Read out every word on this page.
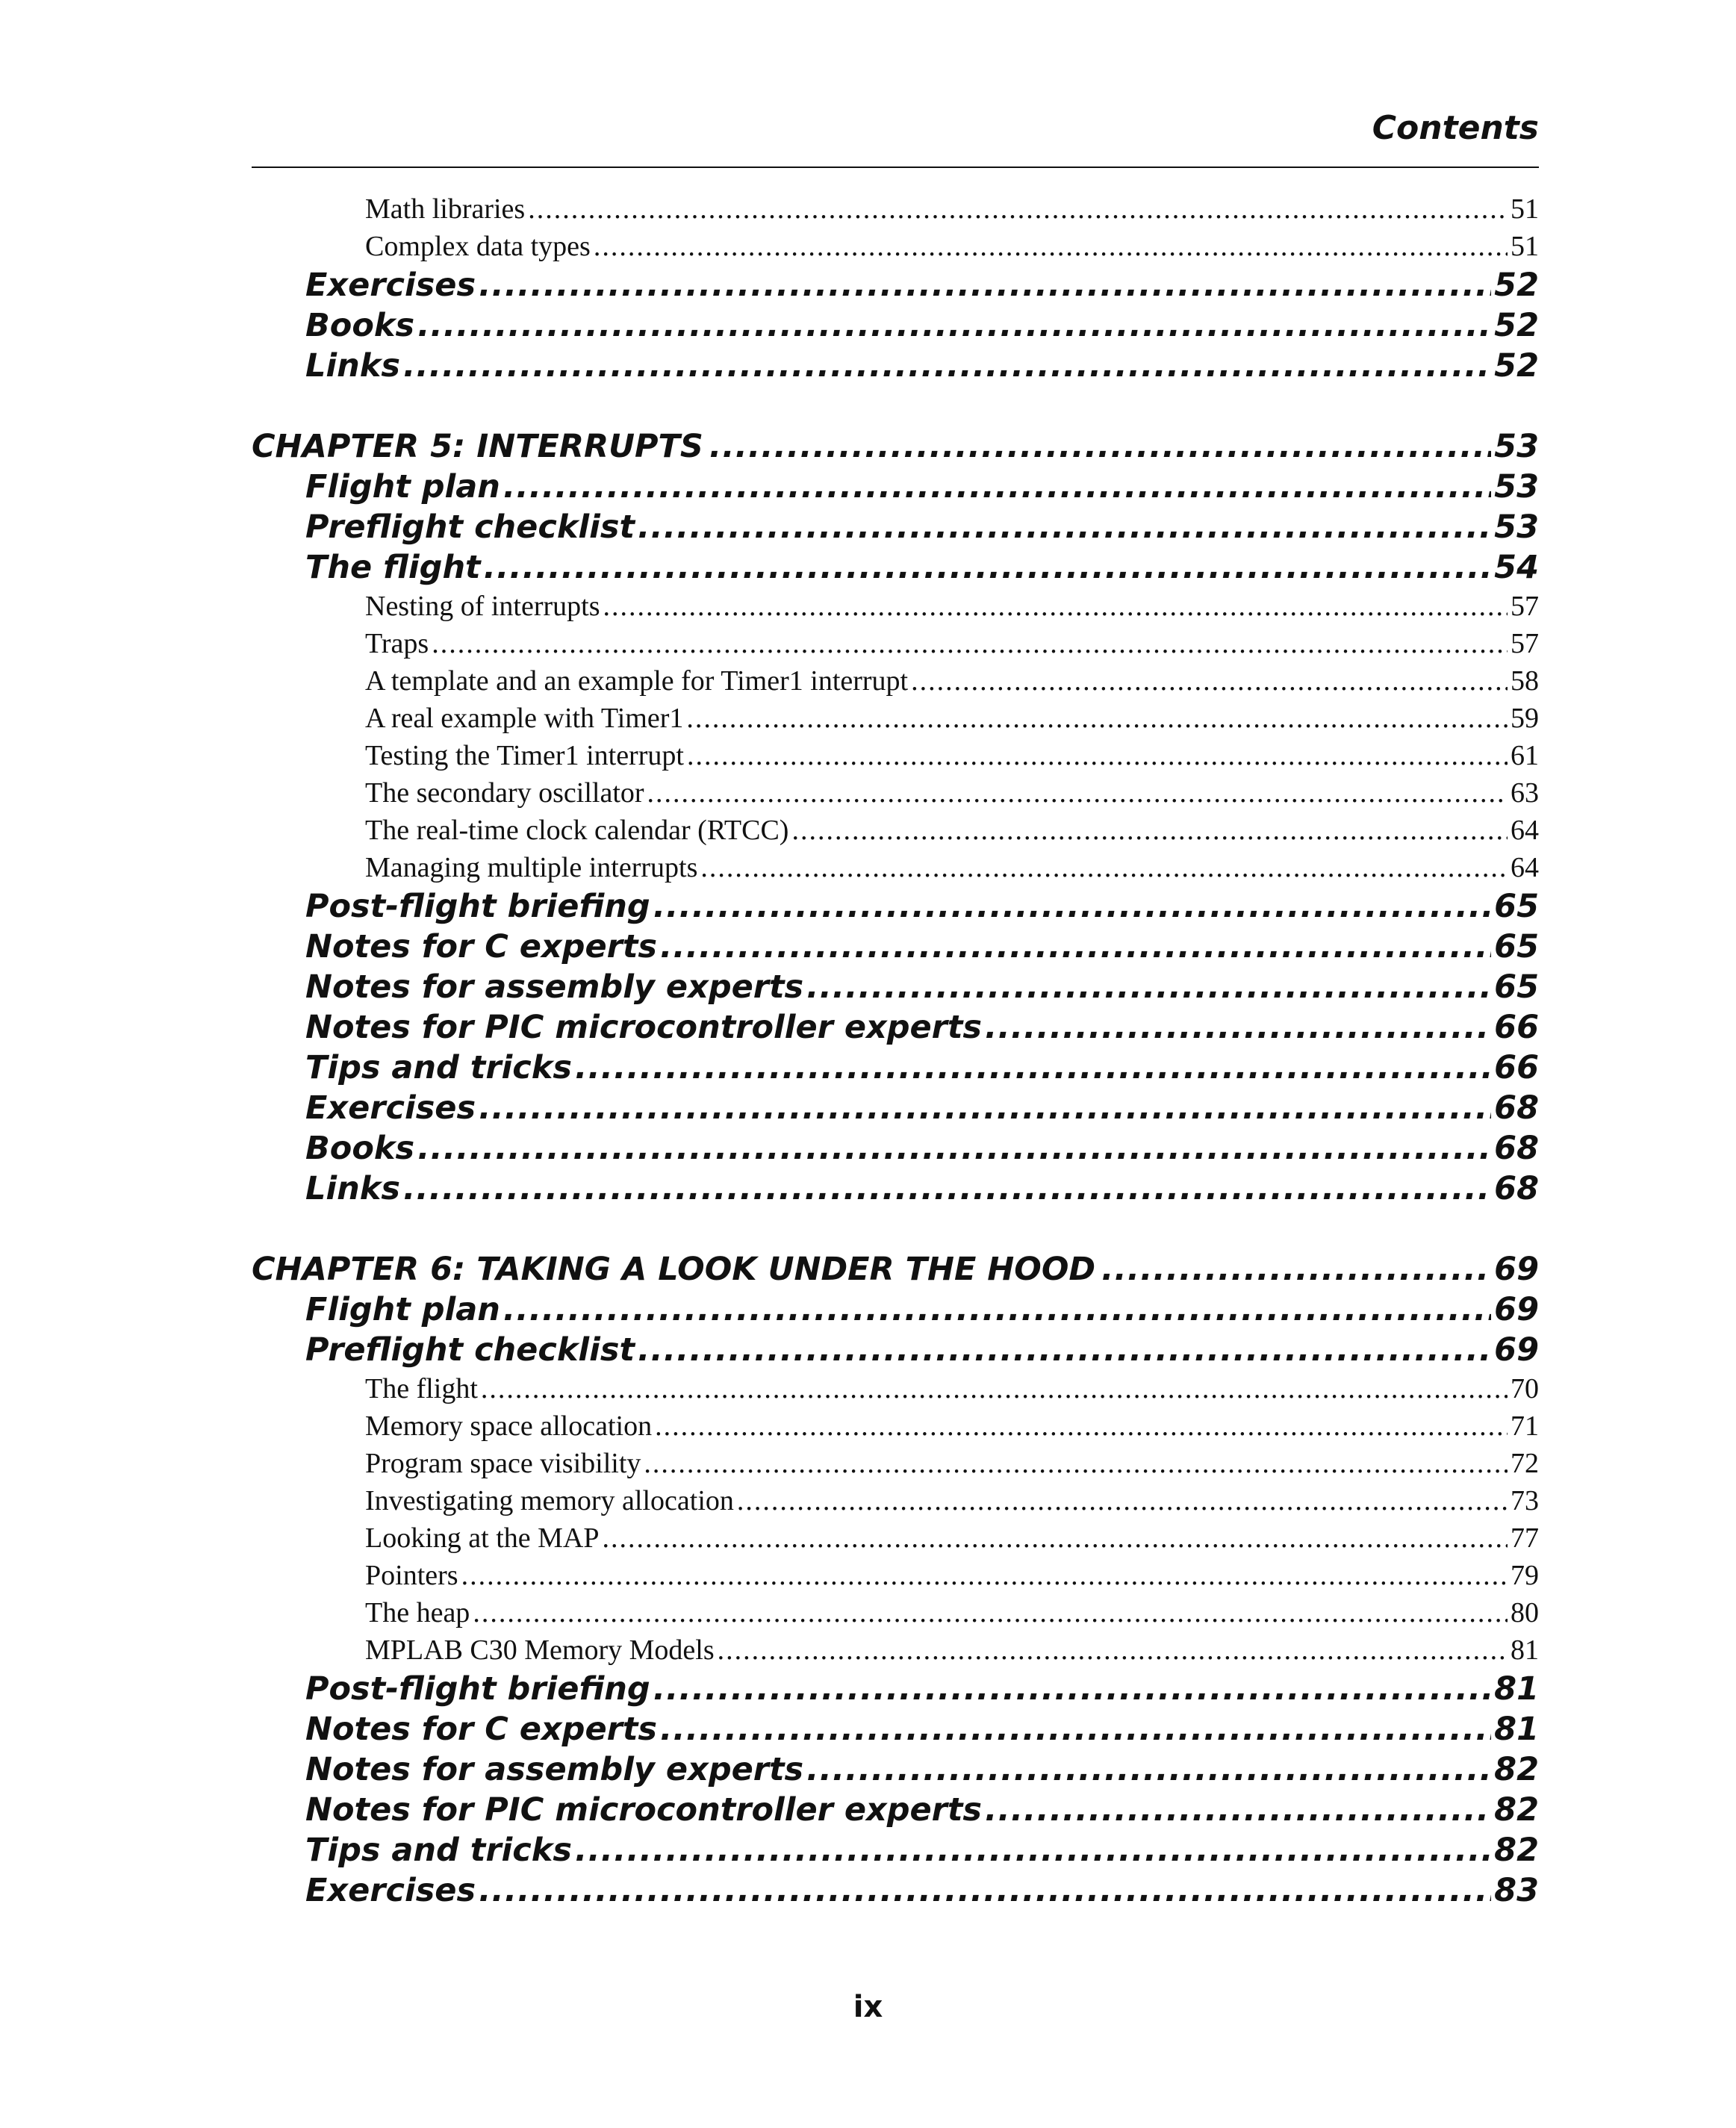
Contents
Math libraries .....	51
Complex data types .....	51
Exercises .....	52
Books .....	52
Links .....	52
CHAPTER 5: INTERRUPTS .....	53
Flight plan .....	53
Preflight checklist .....	53
The flight .....	54
Nesting of interrupts .....	57
Traps .....	57
A template and an example for Timer1 interrupt .....	58
A real example with Timer1 .....	59
Testing the Timer1 interrupt .....	61
The secondary oscillator .....	63
The real-time clock calendar (RTCC) .....	64
Managing multiple interrupts .....	64
Post-flight briefing .....	65
Notes for C experts .....	65
Notes for assembly experts .....	65
Notes for PIC microcontroller experts .....	66
Tips and tricks .....	66
Exercises .....	68
Books .....	68
Links .....	68
CHAPTER 6: TAKING A LOOK UNDER THE HOOD .....	69
Flight plan .....	69
Preflight checklist .....	69
The flight .....	70
Memory space allocation .....	71
Program space visibility .....	72
Investigating memory allocation .....	73
Looking at the MAP .....	77
Pointers .....	79
The heap .....	80
MPLAB C30 Memory Models .....	81
Post-flight briefing .....	81
Notes for C experts .....	81
Notes for assembly experts .....	82
Notes for PIC microcontroller experts .....	82
Tips and tricks .....	82
Exercises .....	83
ix
